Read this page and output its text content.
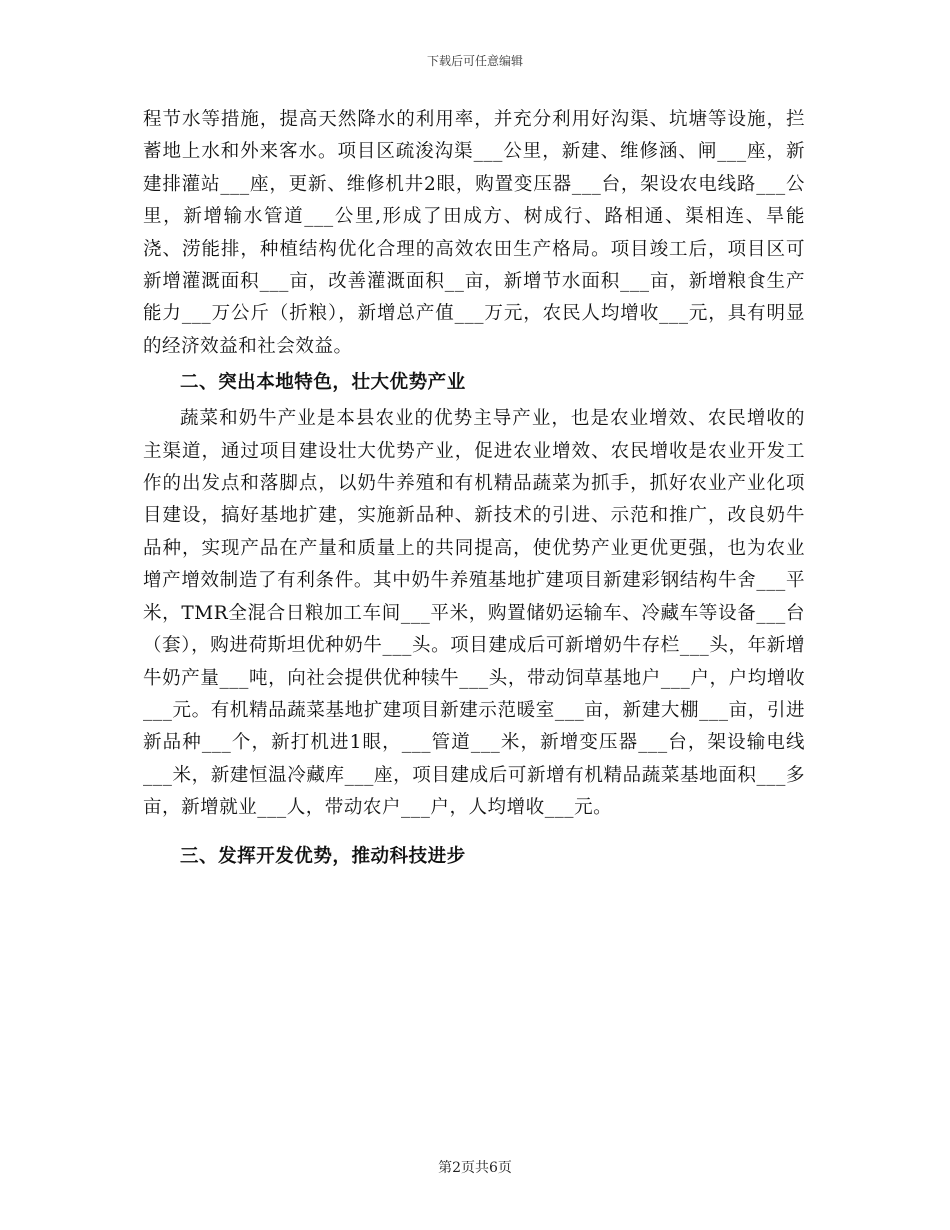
下载后可任意编辑

程节水等措施，提高天然降水的利用率，并充分利用好沟渠、坑塘等设施，拦蓄地上水和外来客水。项目区疏浚沟渠___公里，新建、维修涵、闸___座，新建排灌站___座，更新、维修机井2眼，购置变压器___台，架设农电线路___公里，新增输水管道___公里,形成了田成方、树成行、路相通、渠相连、旱能浇、涝能排，种植结构优化合理的高效农田生产格局。项目竣工后，项目区可新增灌溉面积___亩，改善灌溉面积__亩，新增节水面积___亩，新增粮食生产能力___万公斤（折粮），新增总产值___万元，农民人均增收___元，具有明显的经济效益和社会效益。

二、突出本地特色，壮大优势产业

蔬菜和奶牛产业是本县农业的优势主导产业，也是农业增效、农民增收的主渠道，通过项目建设壮大优势产业，促进农业增效、农民增收是农业开发工作的出发点和落脚点，以奶牛养殖和有机精品蔬菜为抓手，抓好农业产业化项目建设，搞好基地扩建，实施新品种、新技术的引进、示范和推广，改良奶牛品种，实现产品在产量和质量上的共同提高，使优势产业更优更强，也为农业增产增效制造了有利条件。其中奶牛养殖基地扩建项目新建彩钢结构牛舍___平米，TMR全混合日粮加工车间___平米，购置储奶运输车、冷藏车等设备___台（套），购进荷斯坦优种奶牛___头。项目建成后可新增奶牛存栏___头，年新增牛奶产量___吨，向社会提供优种犊牛___头，带动饲草基地户___户，户均增收___元。有机精品蔬菜基地扩建项目新建示范暖室___亩，新建大棚___亩，引进新品种___个，新打机进1眼，___管道___米，新增变压器___台，架设输电线___米，新建恒温冷藏库___座，项目建成后可新增有机精品蔬菜基地面积___多亩，新增就业___人，带动农户___户，人均增收___元。

三、发挥开发优势，推动科技进步

第2页共6页
